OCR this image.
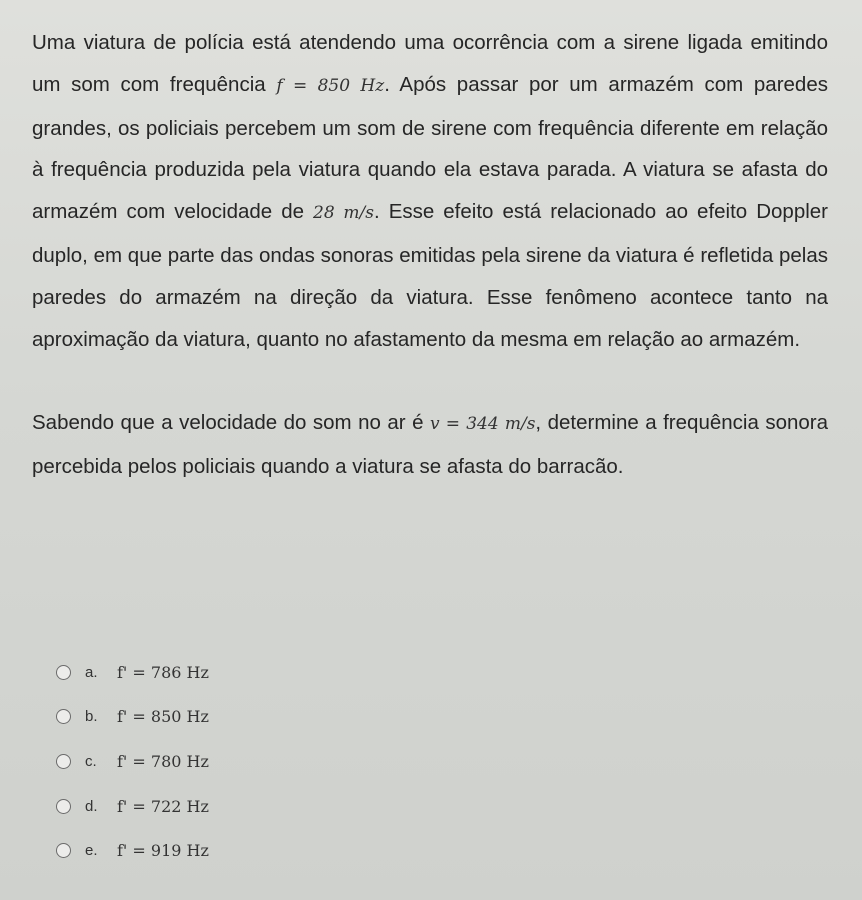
Uma viatura de polícia está atendendo uma ocorrência com a sirene ligada emitindo um som com frequência f = 850 Hz. Após passar por um armazém com paredes grandes, os policiais percebem um som de sirene com frequência diferente em relação à frequência produzida pela viatura quando ela estava parada. A viatura se afasta do armazém com velocidade de 28 m/s. Esse efeito está relacionado ao efeito Doppler duplo, em que parte das ondas sonoras emitidas pela sirene da viatura é refletida pelas paredes do armazém na direção da viatura. Esse fenômeno acontece tanto na aproximação da viatura, quanto no afastamento da mesma em relação ao armazém.

Sabendo que a velocidade do som no ar é v = 344 m/s, determine a frequência sonora percebida pelos policiais quando a viatura se afasta do barracão.

a.	f' = 786 Hz
b.	f' = 850 Hz
c.	f' = 780 Hz
d.	f' = 722 Hz
e.	f' = 919 Hz
